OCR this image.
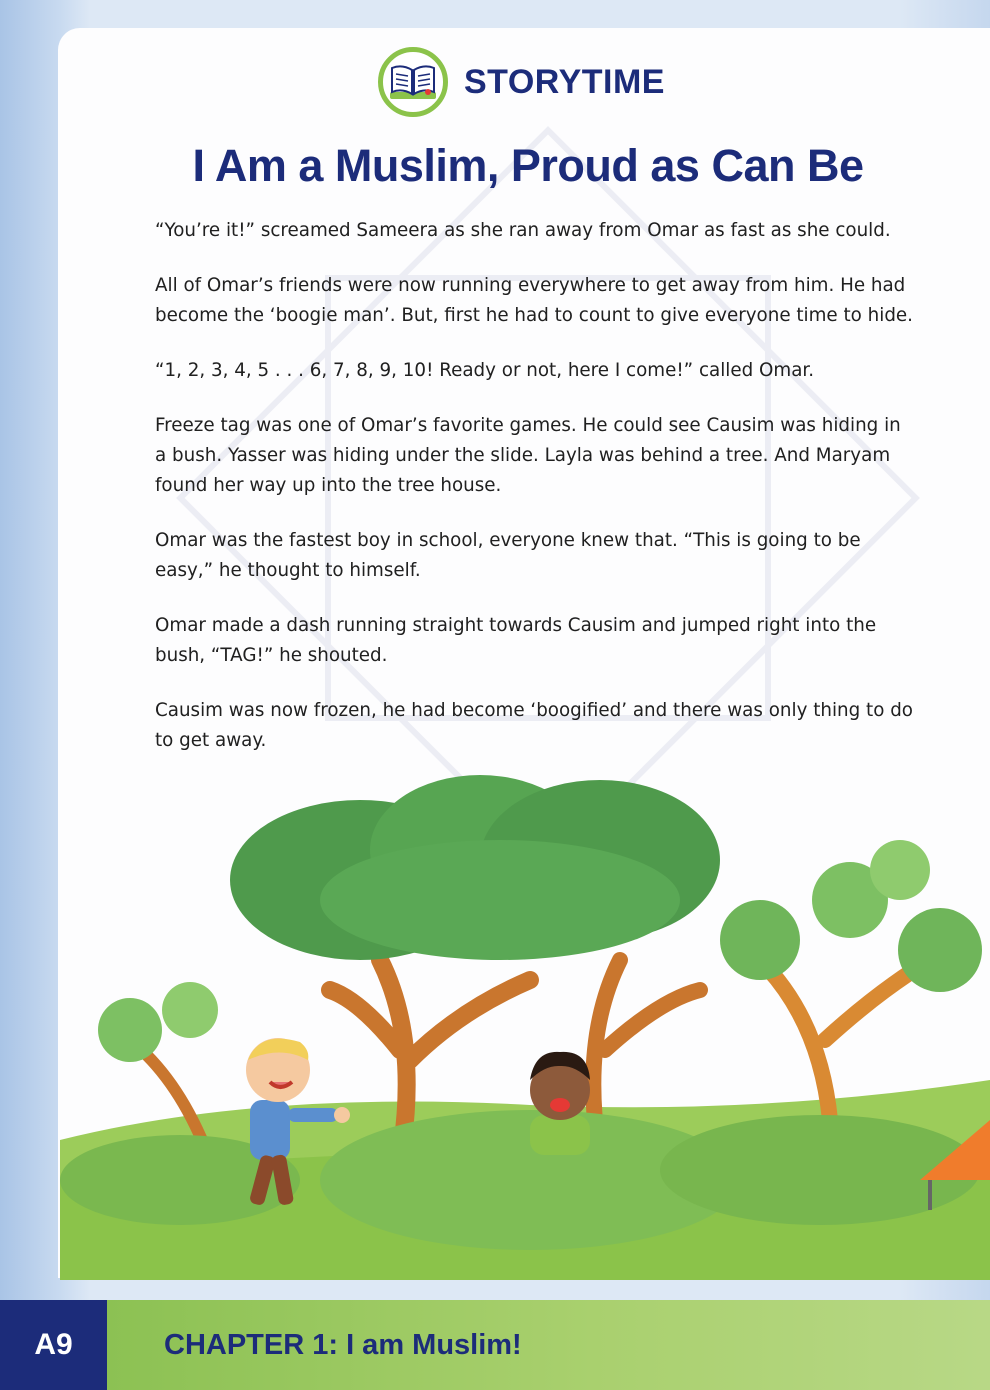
STORYTIME
I Am a Muslim, Proud as Can Be

“You’re it!” screamed Sameera as she ran away from Omar as fast as she could.

All of Omar’s friends were now running everywhere to get away from him. He had become the ‘boogie man’. But, first he had to count to give everyone time to hide.

“1, 2, 3, 4, 5 . . . 6, 7, 8, 9, 10! Ready or not, here I come!” called Omar.

Freeze tag was one of Omar’s favorite games. He could see Causim was hiding in a bush. Yasser was hiding under the slide. Layla was behind a tree. And Maryam found her way up into the tree house.

Omar was the fastest boy in school, everyone knew that. “This is going to be easy,” he thought to himself.

Omar made a dash running straight towards Causim and jumped right into the bush, “TAG!” he shouted.

Causim was now frozen, he had become ‘boogified’ and there was only thing to do to get away.

A9	CHAPTER 1: I am Muslim!
